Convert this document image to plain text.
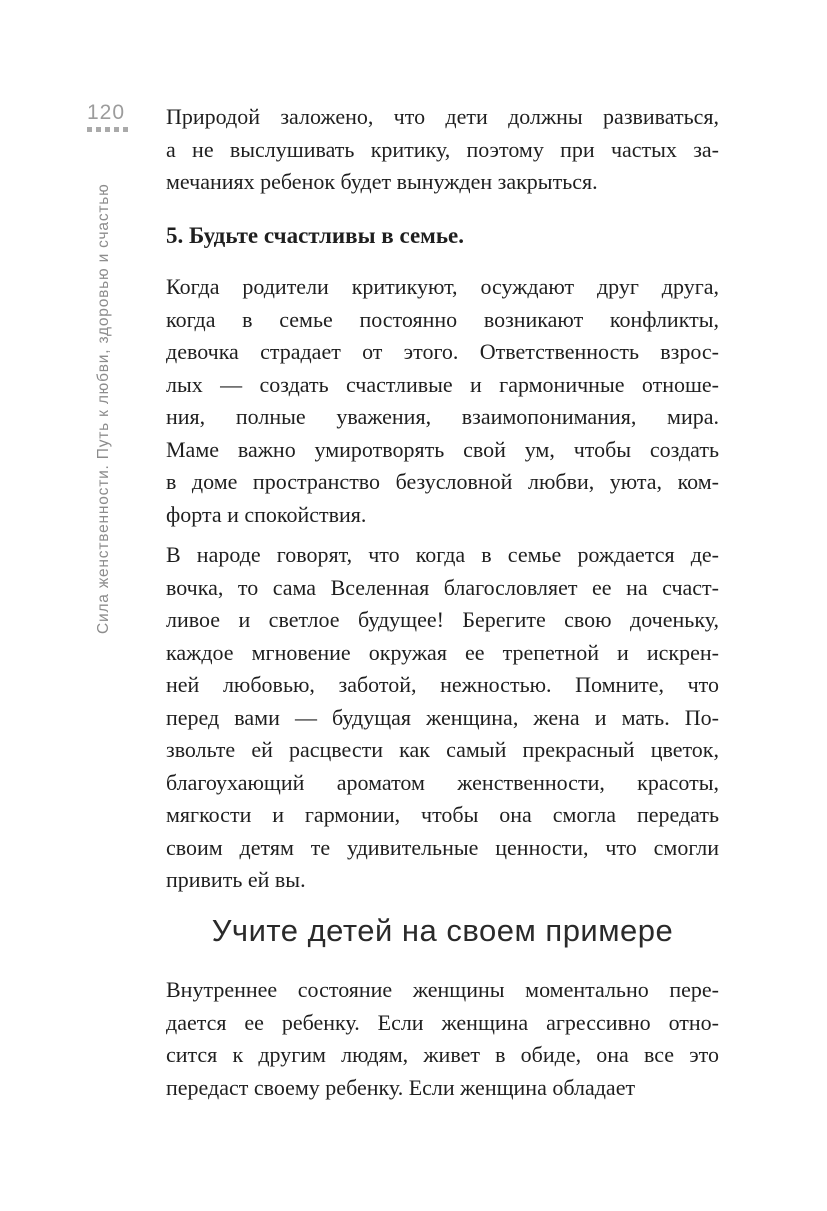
120
Сила женственности. Путь к любви, здоровью и счастью
Природой заложено, что дети должны развиваться,
а не выслушивать критику, поэтому при частых за-
мечаниях ребенок будет вынужден закрыться.
5. Будьте счастливы в семье.
Когда родители критикуют, осуждают друг друга,
когда в семье постоянно возникают конфликты,
девочка страдает от этого. Ответственность взрос-
лых — создать счастливые и гармоничные отноше-
ния, полные уважения, взаимопонимания, мира.
Маме важно умиротворять свой ум, чтобы создать
в доме пространство безусловной любви, уюта, ком-
форта и спокойствия.
В народе говорят, что когда в семье рождается де-
вочка, то сама Вселенная благословляет ее на счаст-
ливое и светлое будущее! Берегите свою доченьку,
каждое мгновение окружая ее трепетной и искрен-
ней любовью, заботой, нежностью. Помните, что
перед вами — будущая женщина, жена и мать. По-
звольте ей расцвести как самый прекрасный цветок,
благоухающий ароматом женственности, красоты,
мягкости и гармонии, чтобы она смогла передать
своим детям те удивительные ценности, что смогли
привить ей вы.
Учите детей на своем примере
Внутреннее состояние женщины моментально пере-
дается ее ребенку. Если женщина агрессивно отно-
сится к другим людям, живет в обиде, она все это
передаст своему ребенку. Если женщина обладает
